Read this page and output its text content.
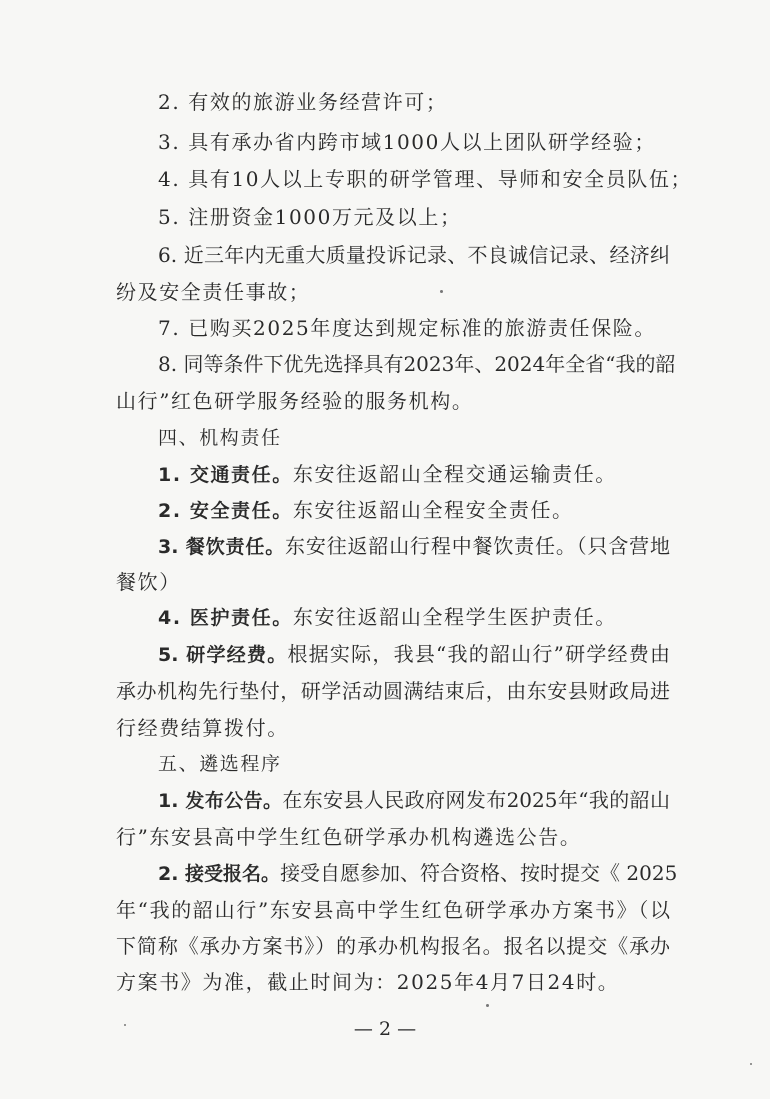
2. 有效的旅游业务经营许可；
3. 具有承办省内跨市域1000人以上团队研学经验；
4. 具有10人以上专职的研学管理、导师和安全员队伍；
5. 注册资金1000万元及以上；
6. 近三年内无重大质量投诉记录、不良诚信记录、经济纠
纷及安全责任事故；
7. 已购买2025年度达到规定标准的旅游责任保险。
8. 同等条件下优先选择具有2023年、2024年全省“我的韶
山行”红色研学服务经验的服务机构。
四、机构责任
1. 交通责任。东安往返韶山全程交通运输责任。
2. 安全责任。东安往返韶山全程安全责任。
3. 餐饮责任。东安往返韶山行程中餐饮责任。（只含营地
餐饮）
4. 医护责任。东安往返韶山全程学生医护责任。
5. 研学经费。根据实际，我县“我的韶山行”研学经费由
承办机构先行垫付，研学活动圆满结束后，由东安县财政局进
行经费结算拨付。
五、遴选程序
1. 发布公告。在东安县人民政府网发布2025年“我的韶山
行”东安县高中学生红色研学承办机构遴选公告。
2. 接受报名。接受自愿参加、符合资格、按时提交《 2025
年“我的韶山行”东安县高中学生红色研学承办方案书》（以
下简称《承办方案书》）的承办机构报名。报名以提交《承办
方案书》为准，截止时间为：2025年4月7日24时。
— 2 —
